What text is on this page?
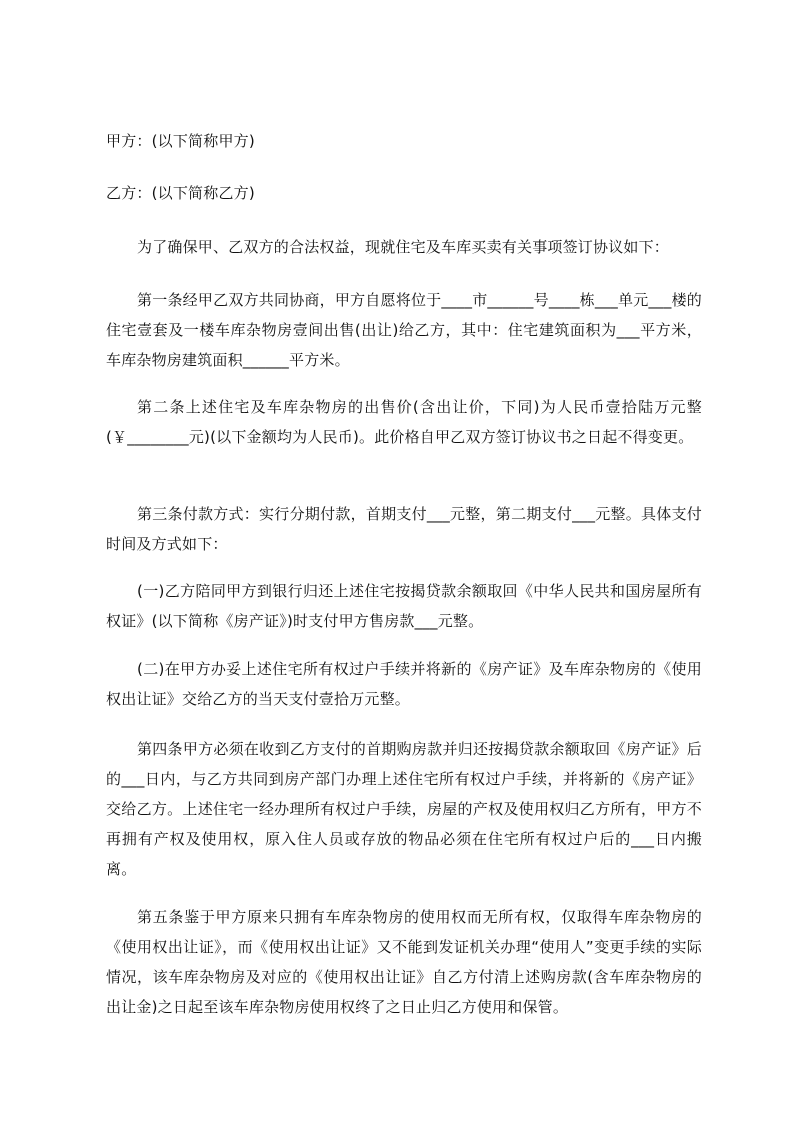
甲方：(以下简称甲方)

乙方：(以下简称乙方)

为了确保甲、乙双方的合法权益，现就住宅及车库买卖有关事项签订协议如下：

第一条经甲乙双方共同协商，甲方自愿将位于____市______号____栋___单元___楼的住宅壹套及一楼车库杂物房壹间出售(出让)给乙方，其中：住宅建筑面积为___平方米，车库杂物房建筑面积______平方米。

第二条上述住宅及车库杂物房的出售价(含出让价，下同)为人民币壹拾陆万元整(￥________元)(以下金额均为人民币)。此价格自甲乙双方签订协议书之日起不得变更。

第三条付款方式：实行分期付款，首期支付___元整，第二期支付___元整。具体支付时间及方式如下：

(一)乙方陪同甲方到银行归还上述住宅按揭贷款余额取回《中华人民共和国房屋所有权证》(以下简称《房产证》)时支付甲方售房款___元整。

(二)在甲方办妥上述住宅所有权过户手续并将新的《房产证》及车库杂物房的《使用权出让证》交给乙方的当天支付壹拾万元整。

第四条甲方必须在收到乙方支付的首期购房款并归还按揭贷款余额取回《房产证》后的___日内，与乙方共同到房产部门办理上述住宅所有权过户手续，并将新的《房产证》交给乙方。上述住宅一经办理所有权过户手续，房屋的产权及使用权归乙方所有，甲方不再拥有产权及使用权，原入住人员或存放的物品必须在住宅所有权过户后的___日内搬离。

第五条鉴于甲方原来只拥有车库杂物房的使用权而无所有权，仅取得车库杂物房的《使用权出让证》，而《使用权出让证》又不能到发证机关办理“使用人”变更手续的实际情况，该车库杂物房及对应的《使用权出让证》自乙方付清上述购房款(含车库杂物房的出让金)之日起至该车库杂物房使用权终了之日止归乙方使用和保管。
